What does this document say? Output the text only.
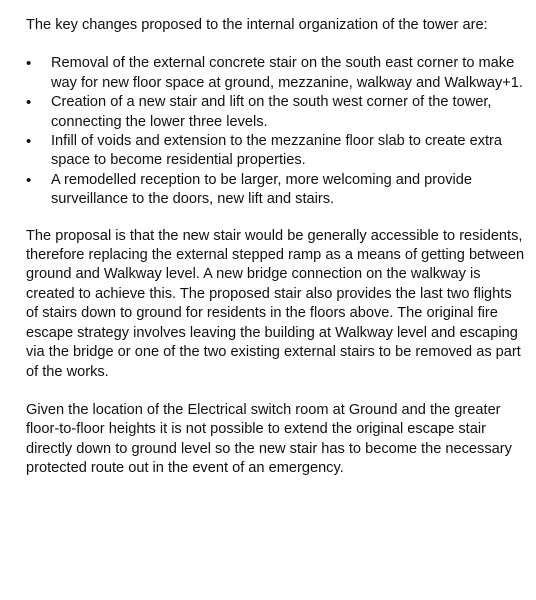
The key changes proposed to the internal organization of the tower are:

• Removal of the external concrete stair on the south east corner to make way for new floor space at ground, mezzanine, walkway and Walkway+1.
• Creation of a new stair and lift on the south west corner of the tower, connecting the lower three levels.
• Infill of voids and extension to the mezzanine floor slab to create extra space to become residential properties.
• A remodelled reception to be larger, more welcoming and provide surveillance to the doors, new lift and stairs.

The proposal is that the new stair would be generally accessible to residents, therefore replacing the external stepped ramp as a means of getting between ground and Walkway level. A new bridge connection on the walkway is created to achieve this. The proposed stair also provides the last two flights of stairs down to ground for residents in the floors above. The original fire escape strategy involves leaving the building at Walkway level and escaping via the bridge or one of the two existing external stairs to be removed as part of the works.

Given the location of the Electrical switch room at Ground and the greater floor-to-floor heights it is not possible to extend the original escape stair directly down to ground level so the new stair has to become the necessary protected route out in the event of an emergency.
